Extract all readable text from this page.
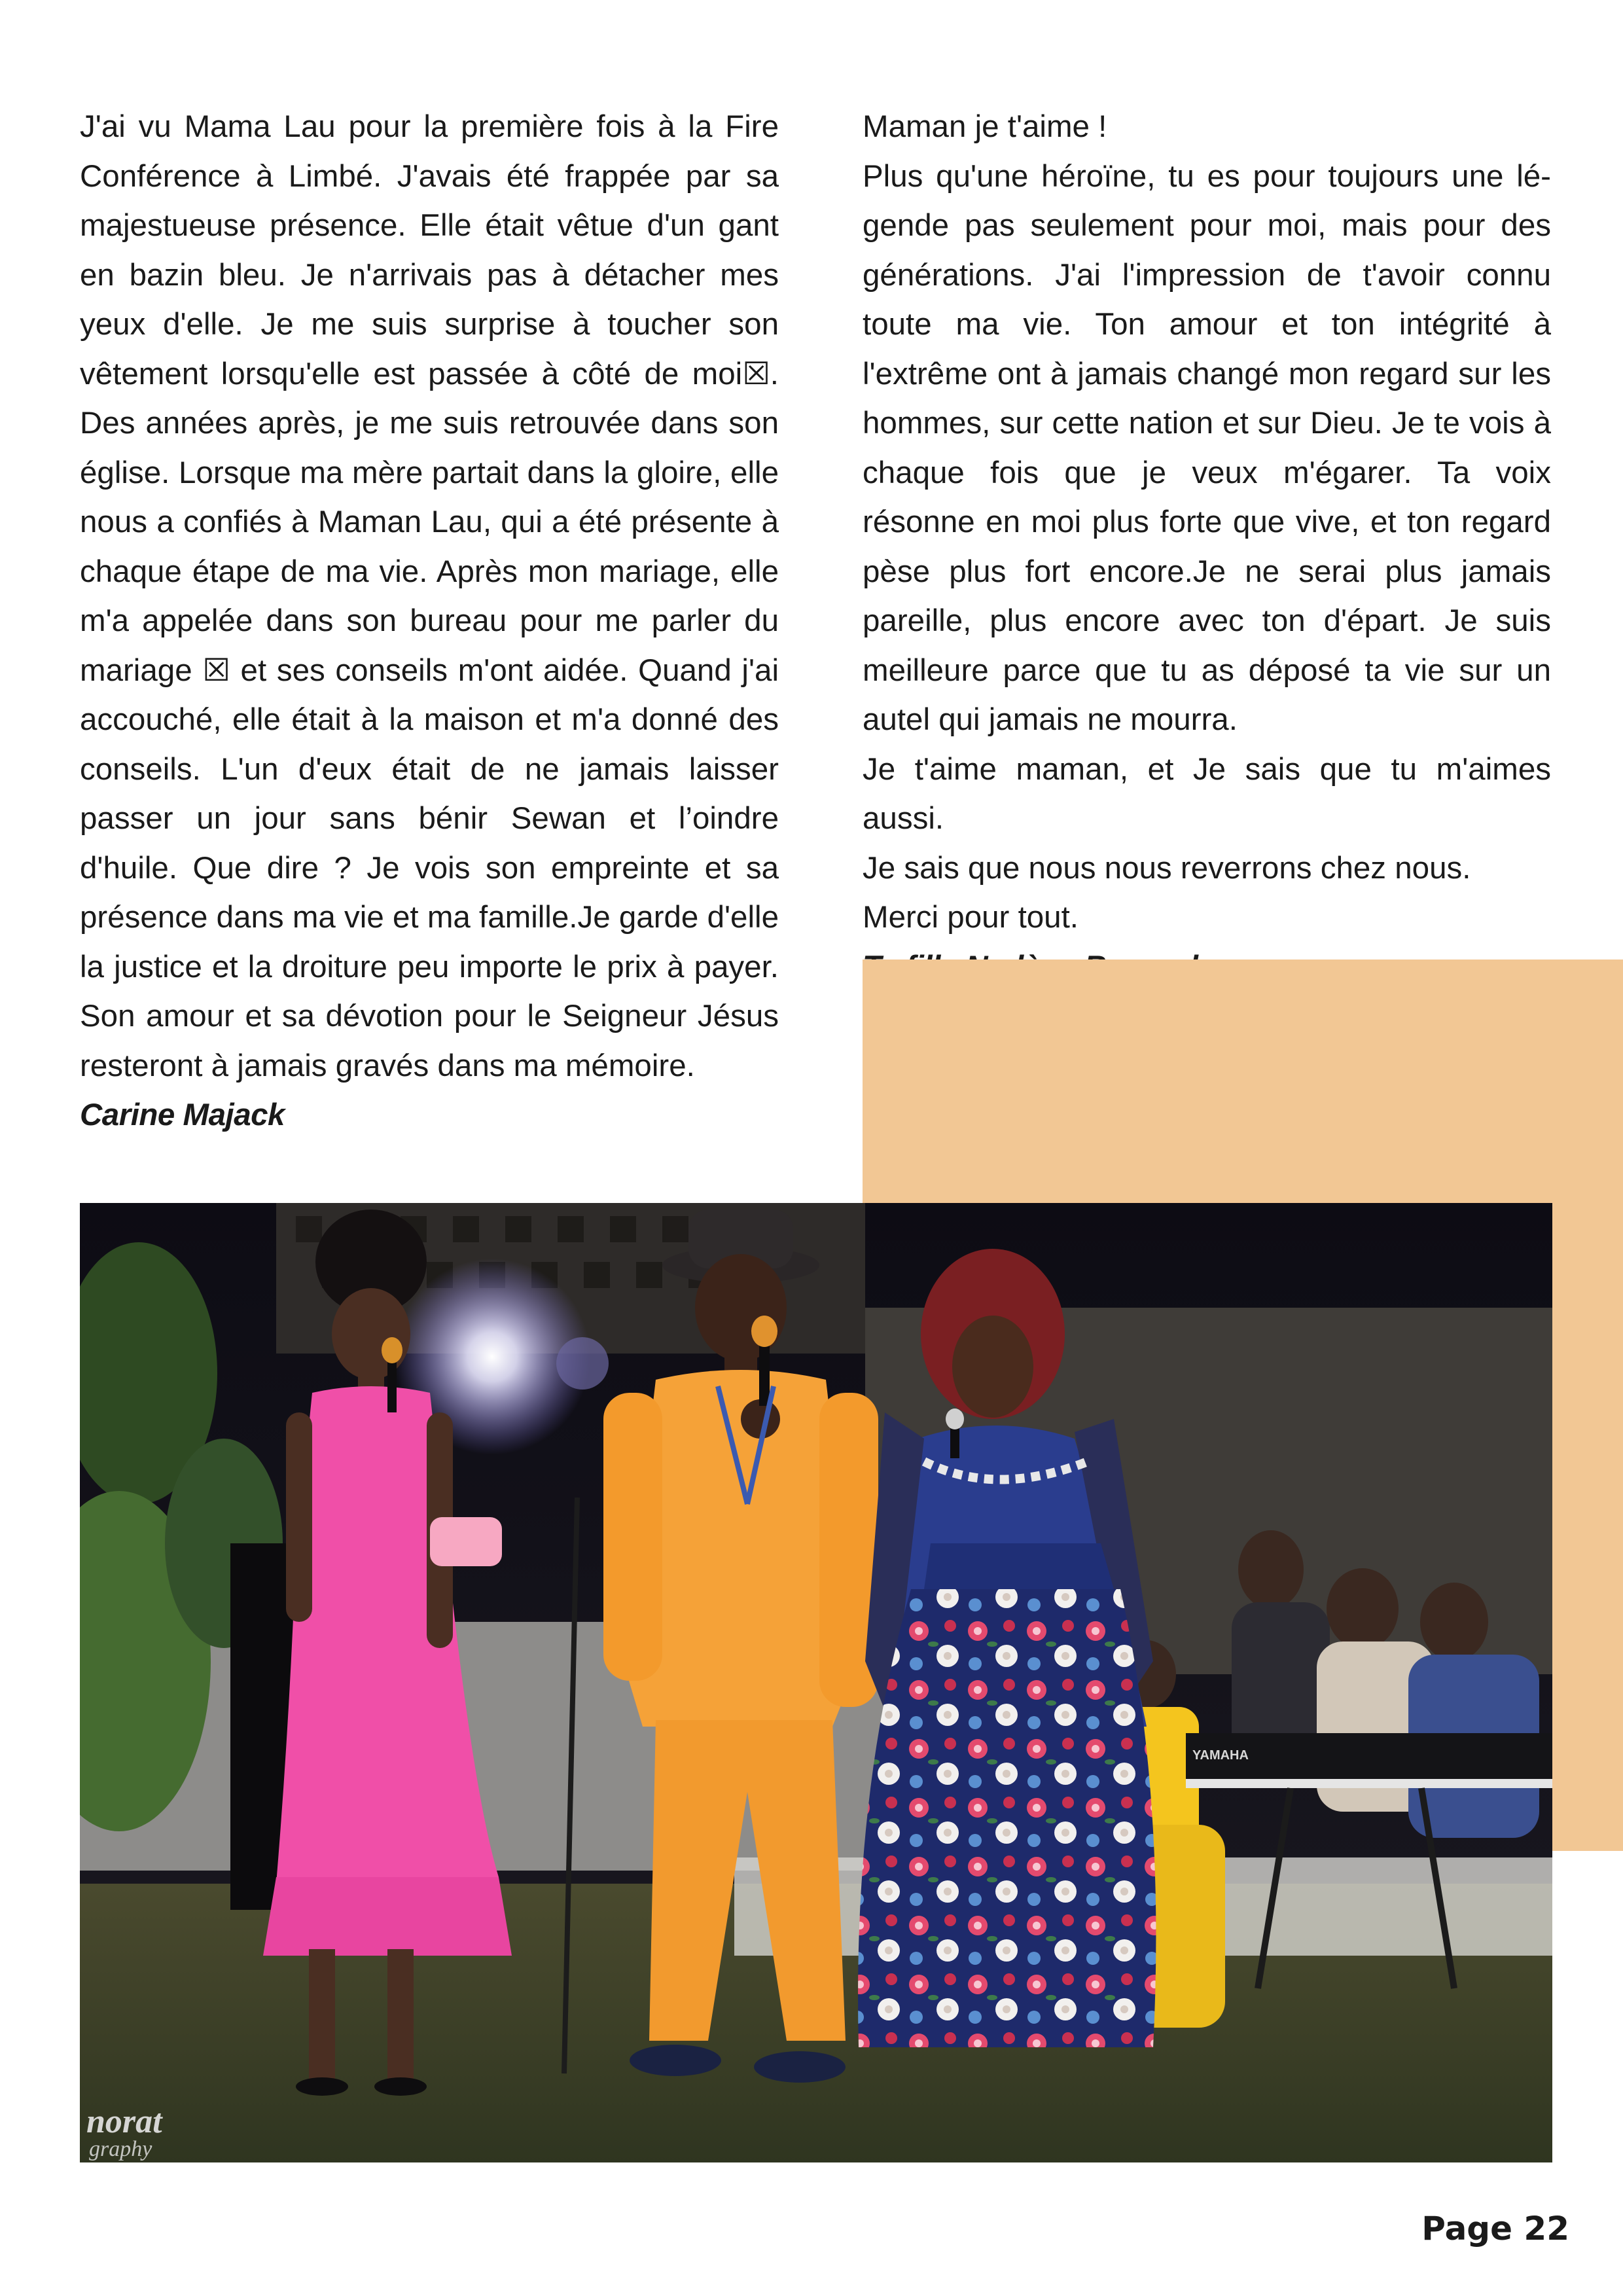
J'ai vu Mama Lau pour la première fois à la Fire Conférence à Limbé. J'avais été frappée par sa majestueuse présence. Elle était vêtue d'un gant en bazin bleu. Je n'arrivais pas à détacher mes yeux d'elle. Je me suis surprise à toucher son vêtement lorsqu'elle est passée à côté de moi☒. Des années après, je me suis retrouvée dans son église. Lorsque ma mère partait dans la gloire, elle nous a confiés à Maman Lau, qui a été présente à chaque étape de ma vie. Après mon mariage, elle m'a appelée dans son bureau pour me parler du mariage ☒ et ses conseils m'ont aidée. Quand j'ai accouché, elle était à la maison et m'a donné des conseils. L'un d'eux était de ne jamais laisser passer un jour sans bénir Sewan et l’oindre d'huile. Que dire ? Je vois son empreinte et sa présence dans ma vie et ma famille.Je garde d'elle la justice et la droiture peu importe le prix à payer. Son amour et sa dévotion pour le Seigneur Jésus resteront à jamais gravés dans ma mémoire.

Carine Majack

Maman je t'aime !

Plus qu'une héroïne, tu es pour toujours une légende pas seulement pour moi, mais pour des générations. J'ai l'impression de t'avoir connu toute ma vie. Ton amour et ton intégrité à l'extrême ont à jamais changé mon regard sur les hommes, sur cette nation et sur Dieu. Je te vois à chaque fois que je veux m'égarer. Ta voix résonne en moi plus forte que vive, et ton regard pèse plus fort encore.Je ne serai plus jamais pareille, plus encore avec ton d'épart. Je suis meilleure parce que tu as déposé ta vie sur un autel qui jamais ne mourra.

Je t'aime maman, et Je sais que tu m'aimes aussi.

Je sais que nous nous reverrons chez nous.

Merci pour tout.

YAMAHA
norat
graphy
Page 22
